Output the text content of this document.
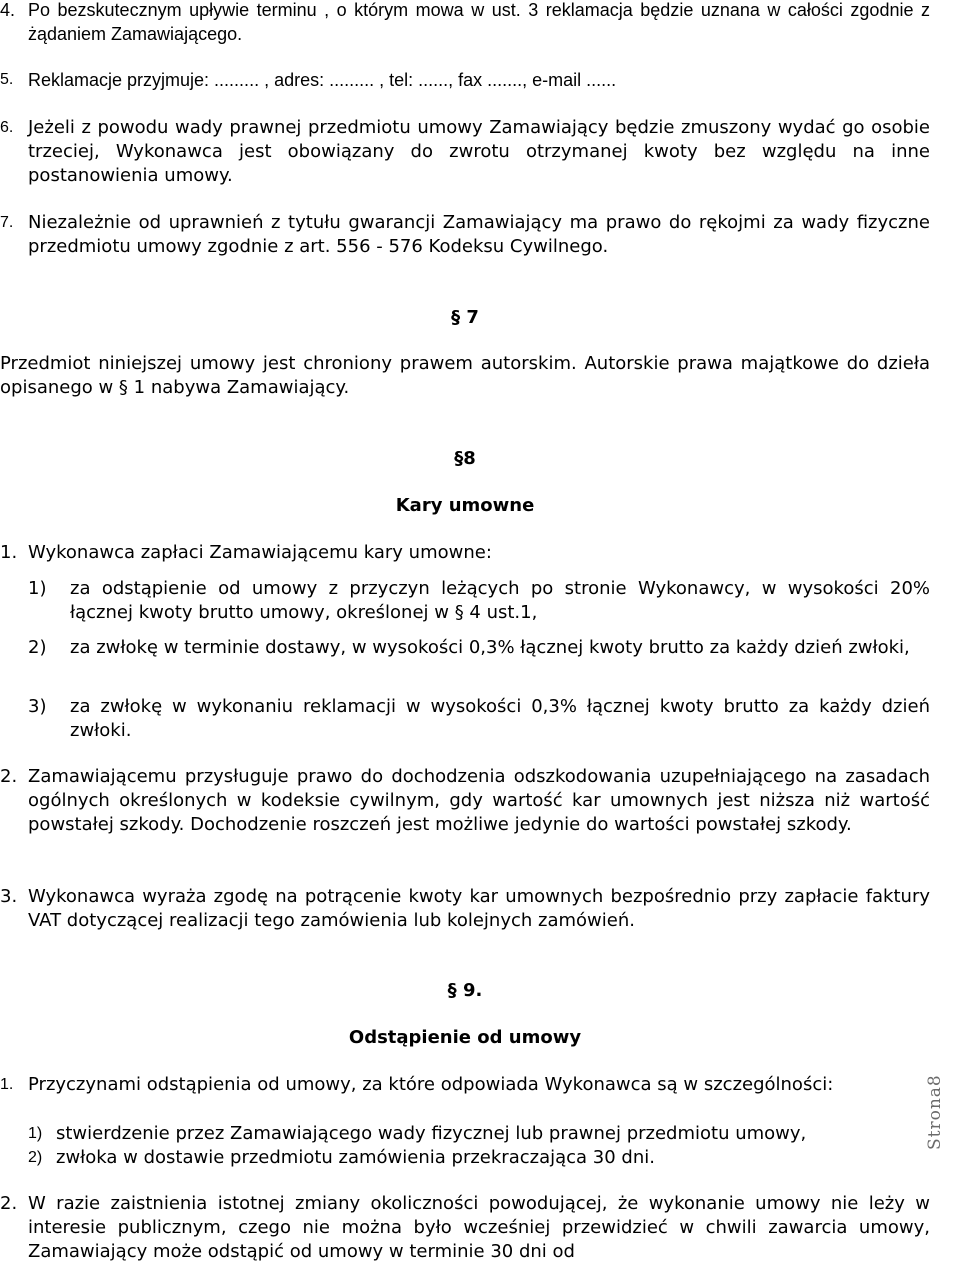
4. Po bezskutecznym upływie terminu , o którym mowa w ust. 3 reklamacja będzie uznana w całości zgodnie z żądaniem Zamawiającego.
5. Reklamacje przyjmuje: ......... , adres: ......... , tel: ......, fax ......., e-mail ......
6. Jeżeli z powodu wady prawnej przedmiotu umowy Zamawiający będzie zmuszony wydać go osobie trzeciej, Wykonawca jest obowiązany do zwrotu otrzymanej kwoty bez względu na inne postanowienia umowy.
7. Niezależnie od uprawnień z tytułu gwarancji Zamawiający ma prawo do rękojmi za wady fizyczne przedmiotu umowy zgodnie z art. 556 - 576 Kodeksu Cywilnego.
§ 7
Przedmiot niniejszej umowy jest chroniony prawem autorskim. Autorskie prawa majątkowe do dzieła opisanego w § 1 nabywa Zamawiający.
§8
Kary umowne
1. Wykonawca zapłaci Zamawiającemu kary umowne:
1)	za odstąpienie od umowy z przyczyn leżących po stronie Wykonawcy, w wysokości 20% łącznej kwoty brutto umowy, określonej w § 4 ust.1,
2)	za zwłokę w terminie dostawy, w wysokości 0,3% łącznej kwoty brutto za każdy dzień zwłoki,
3)	za zwłokę w wykonaniu reklamacji w wysokości 0,3% łącznej kwoty brutto za każdy dzień zwłoki.
2. Zamawiającemu przysługuje prawo do dochodzenia odszkodowania uzupełniającego na zasadach ogólnych określonych w kodeksie cywilnym, gdy wartość kar umownych jest niższa niż wartość powstałej szkody. Dochodzenie roszczeń jest możliwe jedynie do wartości powstałej szkody.
3. Wykonawca wyraża zgodę na potrącenie kwoty kar umownych bezpośrednio przy zapłacie faktury VAT dotyczącej realizacji tego zamówienia lub kolejnych zamówień.
§ 9.
Odstąpienie od umowy
1. Przyczynami odstąpienia od umowy, za które odpowiada Wykonawca są w szczególności:
1) stwierdzenie przez Zamawiającego wady fizycznej lub prawnej przedmiotu umowy,
2) zwłoka w dostawie przedmiotu zamówienia przekraczająca 30 dni.
2. W razie zaistnienia istotnej zmiany okoliczności powodującej, że wykonanie umowy nie leży w interesie publicznym, czego nie można było wcześniej przewidzieć w chwili zawarcia umowy, Zamawiający może odstąpić od umowy w terminie 30 dni od
Strona8
